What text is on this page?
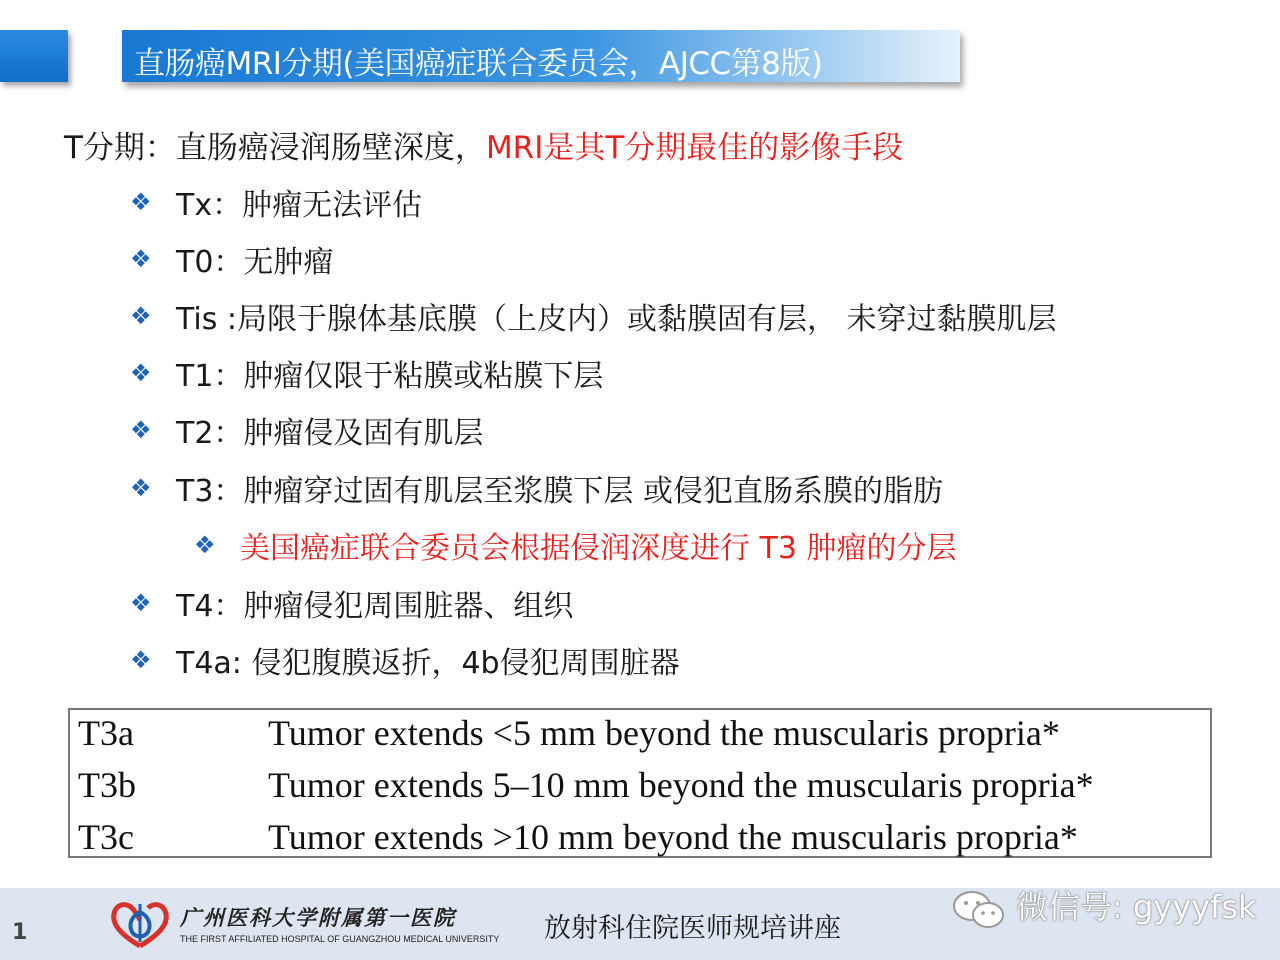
直肠癌MRI分期(美国癌症联合委员会，AJCC第8版)
T分期：直肠癌浸润肠壁深度，MRI是其T分期最佳的影像手段
❖ Tx：肿瘤无法评估
❖ T0：无肿瘤
❖ Tis :局限于腺体基底膜（上皮内）或黏膜固有层， 未穿过黏膜肌层
❖ T1：肿瘤仅限于粘膜或粘膜下层
❖ T2：肿瘤侵及固有肌层
❖ T3：肿瘤穿过固有肌层至浆膜下层 或侵犯直肠系膜的脂肪
❖ 美国癌症联合委员会根据侵润深度进行 T3 肿瘤的分层
❖ T4：肿瘤侵犯周围脏器、组织
❖ T4a: 侵犯腹膜返折，4b侵犯周围脏器
T3a	Tumor extends <5 mm beyond the muscularis propria*
T3b	Tumor extends 5–10 mm beyond the muscularis propria*
T3c	Tumor extends >10 mm beyond the muscularis propria*
1
广州医科大学附属第一医院
THE FIRST AFFILIATED HOSPITAL OF GUANGZHOU MEDICAL UNIVERSITY 放射科住院医师规培讲座
微信号: gyyyfsk
